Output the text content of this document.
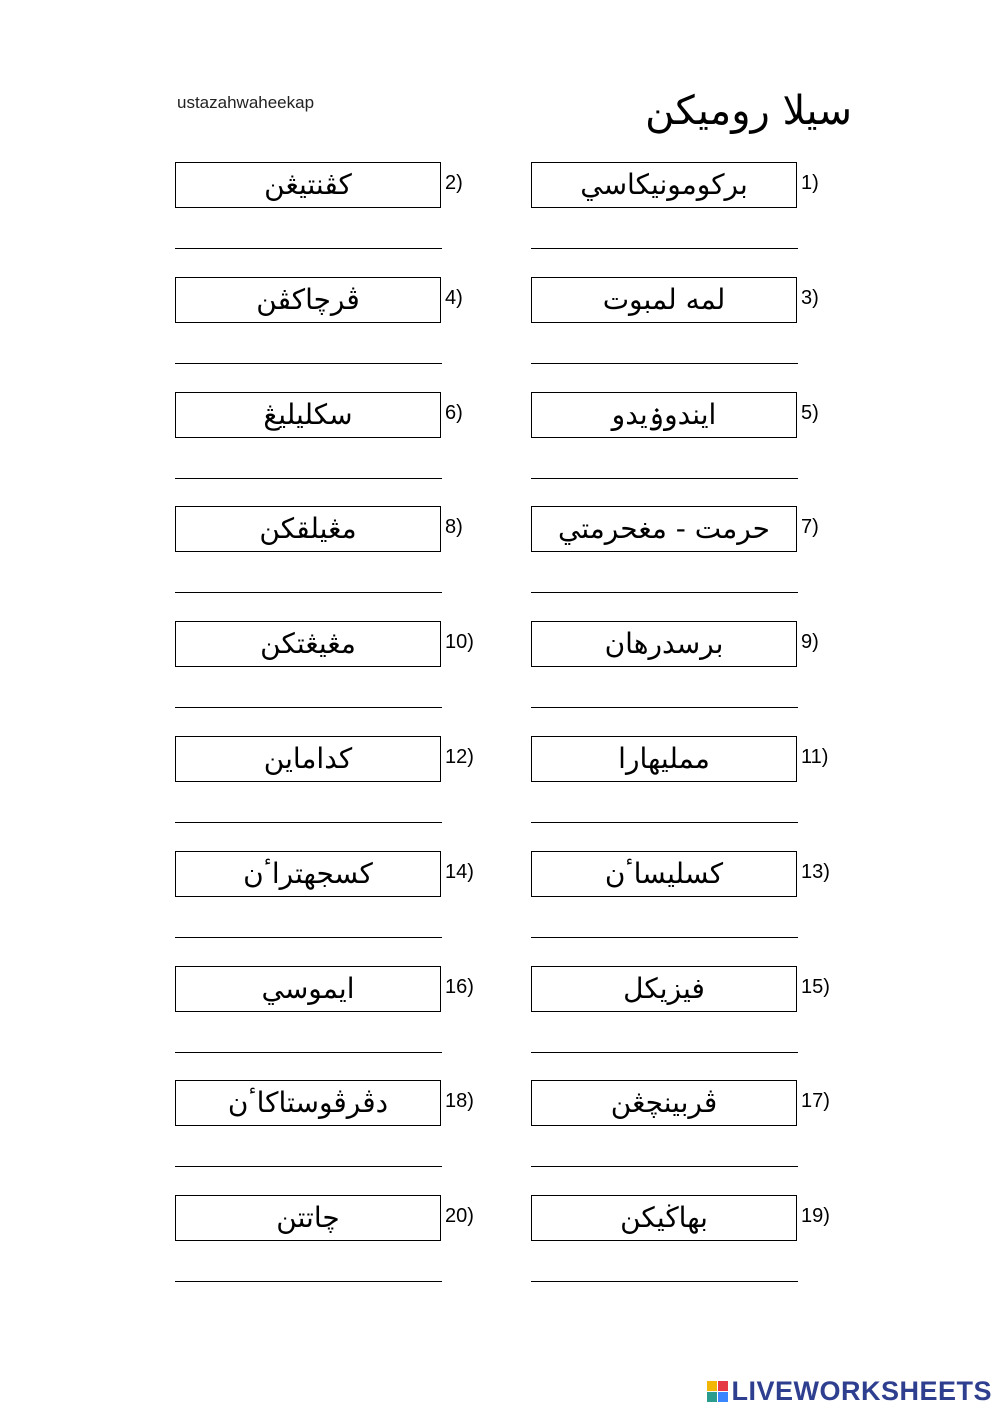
ustazahwaheekap	سيلا روميكن
بركومونيكاسي	1)
كڤنتيڠن	2)
لمه لمبوت	3)
ڤرچاكڤن	4)
ايندوۏيدو	5)
سكليليڠ	6)
حرمت - مغحرمتي	7)
مڠيلقكن	8)
برسدرهان	9)
مڠيڠتكن	10)
ممليهارا	11)
كداماين	12)
كسليساٴن	13)
كسجهتراٴن	14)
فيزيكل	15)
ايموسي	16)
ڤربينچڠن	17)
دڤرڤوستاكاٴن	18)
بهاڬيكن	19)
چاتتن	20)
LIVEWORKSHEETS
